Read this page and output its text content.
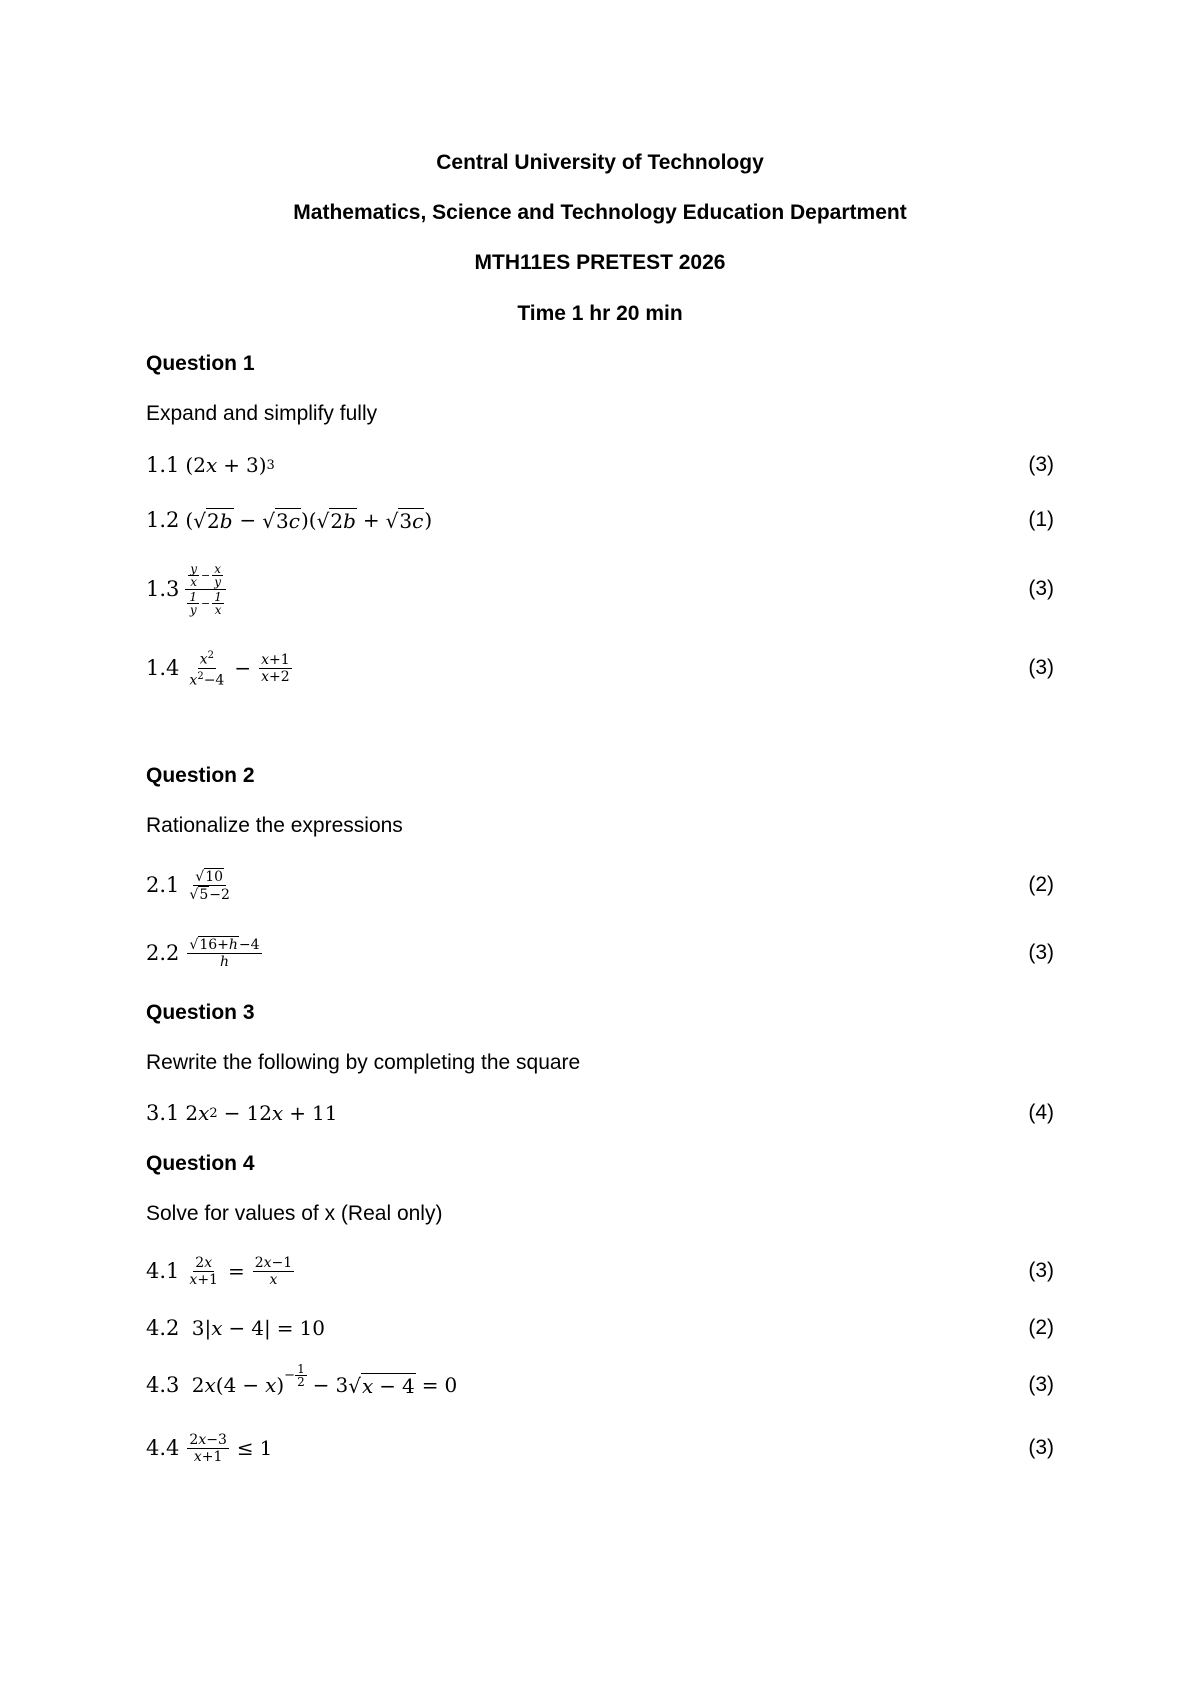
Central University of Technology
Mathematics, Science and Technology Education Department
MTH11ES PRETEST 2026
Time 1 hr 20 min
Question 1
Expand and simplify fully
1.1 (2 x + 3) 3	(3)
1.2 ( √ 2b − √ 3c )( √ 2b + √ 3c )	(1)
1.3
$\frac{y}{x} - \frac{x}{y}$
$\frac{1}{y} - \frac{1}{x}$
(3)
$1.4 \frac{x^2}{x^2-4} - \frac{x+1}{x+2}$	(3)
Question 2
Rationalize the expressions
$2.1 \frac{√ 10}{√ 5 -2}$	(2)
$2.2 \frac{√ 16+h -4}{h}$	(3)
Question 3
Rewrite the following by completing the square
3.1 2 x 2 − 12 x + 11	(4)
Question 4
Solve for values of x (Real only)
$4.1 \frac{2x}{x+1} = \frac{2x-1}{x}$	(3)
4.2 3| x − 4| = 10	(2)
4.3 2 x (4 − x )$^{- \frac{1}{2}}$ − 3 √ x − 4 = 0	(3)
$4.4 \frac{2x-3}{x+1} \le 1$	(3)
